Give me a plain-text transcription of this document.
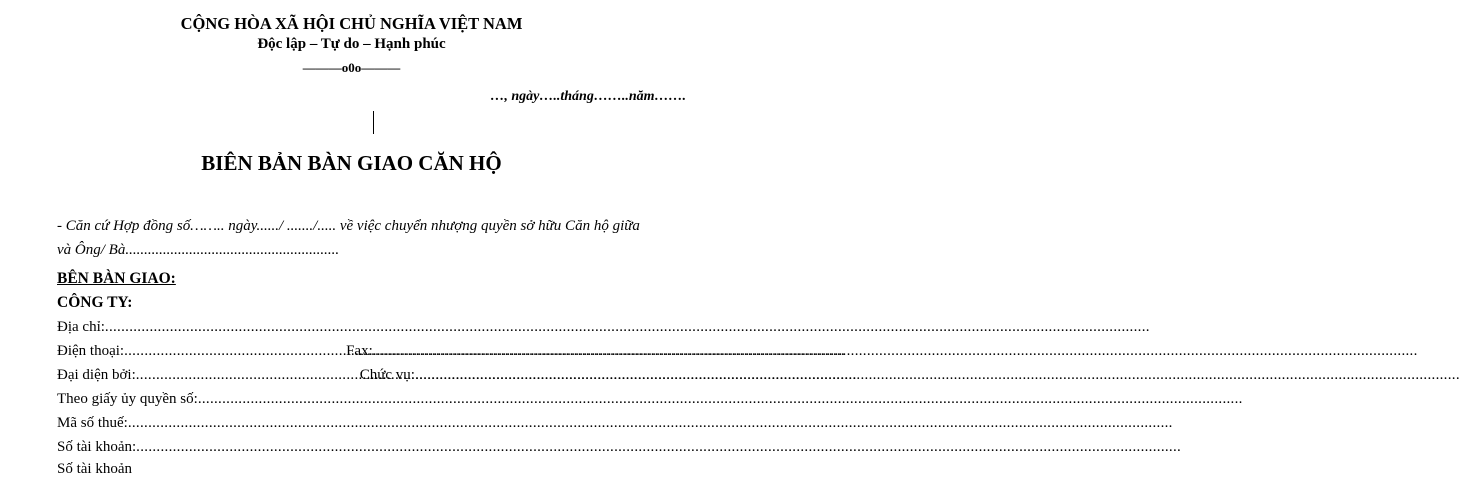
CỘNG HÒA XÃ HỘI CHỦ NGHĨA VIỆT NAM
Độc lập – Tự do – Hạnh phúc
———o0o———
…, ngày…..tháng……..năm…….
BIÊN BẢN BÀN GIAO CĂN HỘ
- Căn cứ Hợp đồng số…….. ngày....../ ......./..... về việc chuyển nhượng quyền sở hữu Căn hộ giữa
và Ông/ Bà.........................................................
BÊN BÀN GIAO:
CÔNG TY:
Địa chỉ:
.....
Điện thoại: .....	Fax:
.....
Đại diện bởi: .....	Chức vụ:
.....
Theo giấy ủy quyền số:
.....
Mã số thuế:
.....
Số tài khoản:
.....
Số tài khoản
